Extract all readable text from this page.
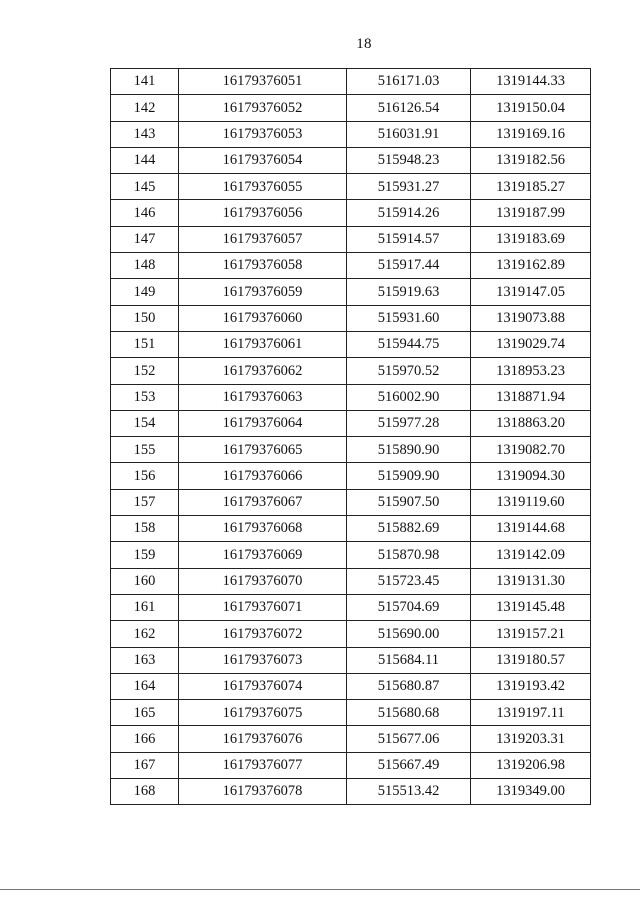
18
141	16179376051	516171.03	1319144.33
142	16179376052	516126.54	1319150.04
143	16179376053	516031.91	1319169.16
144	16179376054	515948.23	1319182.56
145	16179376055	515931.27	1319185.27
146	16179376056	515914.26	1319187.99
147	16179376057	515914.57	1319183.69
148	16179376058	515917.44	1319162.89
149	16179376059	515919.63	1319147.05
150	16179376060	515931.60	1319073.88
151	16179376061	515944.75	1319029.74
152	16179376062	515970.52	1318953.23
153	16179376063	516002.90	1318871.94
154	16179376064	515977.28	1318863.20
155	16179376065	515890.90	1319082.70
156	16179376066	515909.90	1319094.30
157	16179376067	515907.50	1319119.60
158	16179376068	515882.69	1319144.68
159	16179376069	515870.98	1319142.09
160	16179376070	515723.45	1319131.30
161	16179376071	515704.69	1319145.48
162	16179376072	515690.00	1319157.21
163	16179376073	515684.11	1319180.57
164	16179376074	515680.87	1319193.42
165	16179376075	515680.68	1319197.11
166	16179376076	515677.06	1319203.31
167	16179376077	515667.49	1319206.98
168	16179376078	515513.42	1319349.00
